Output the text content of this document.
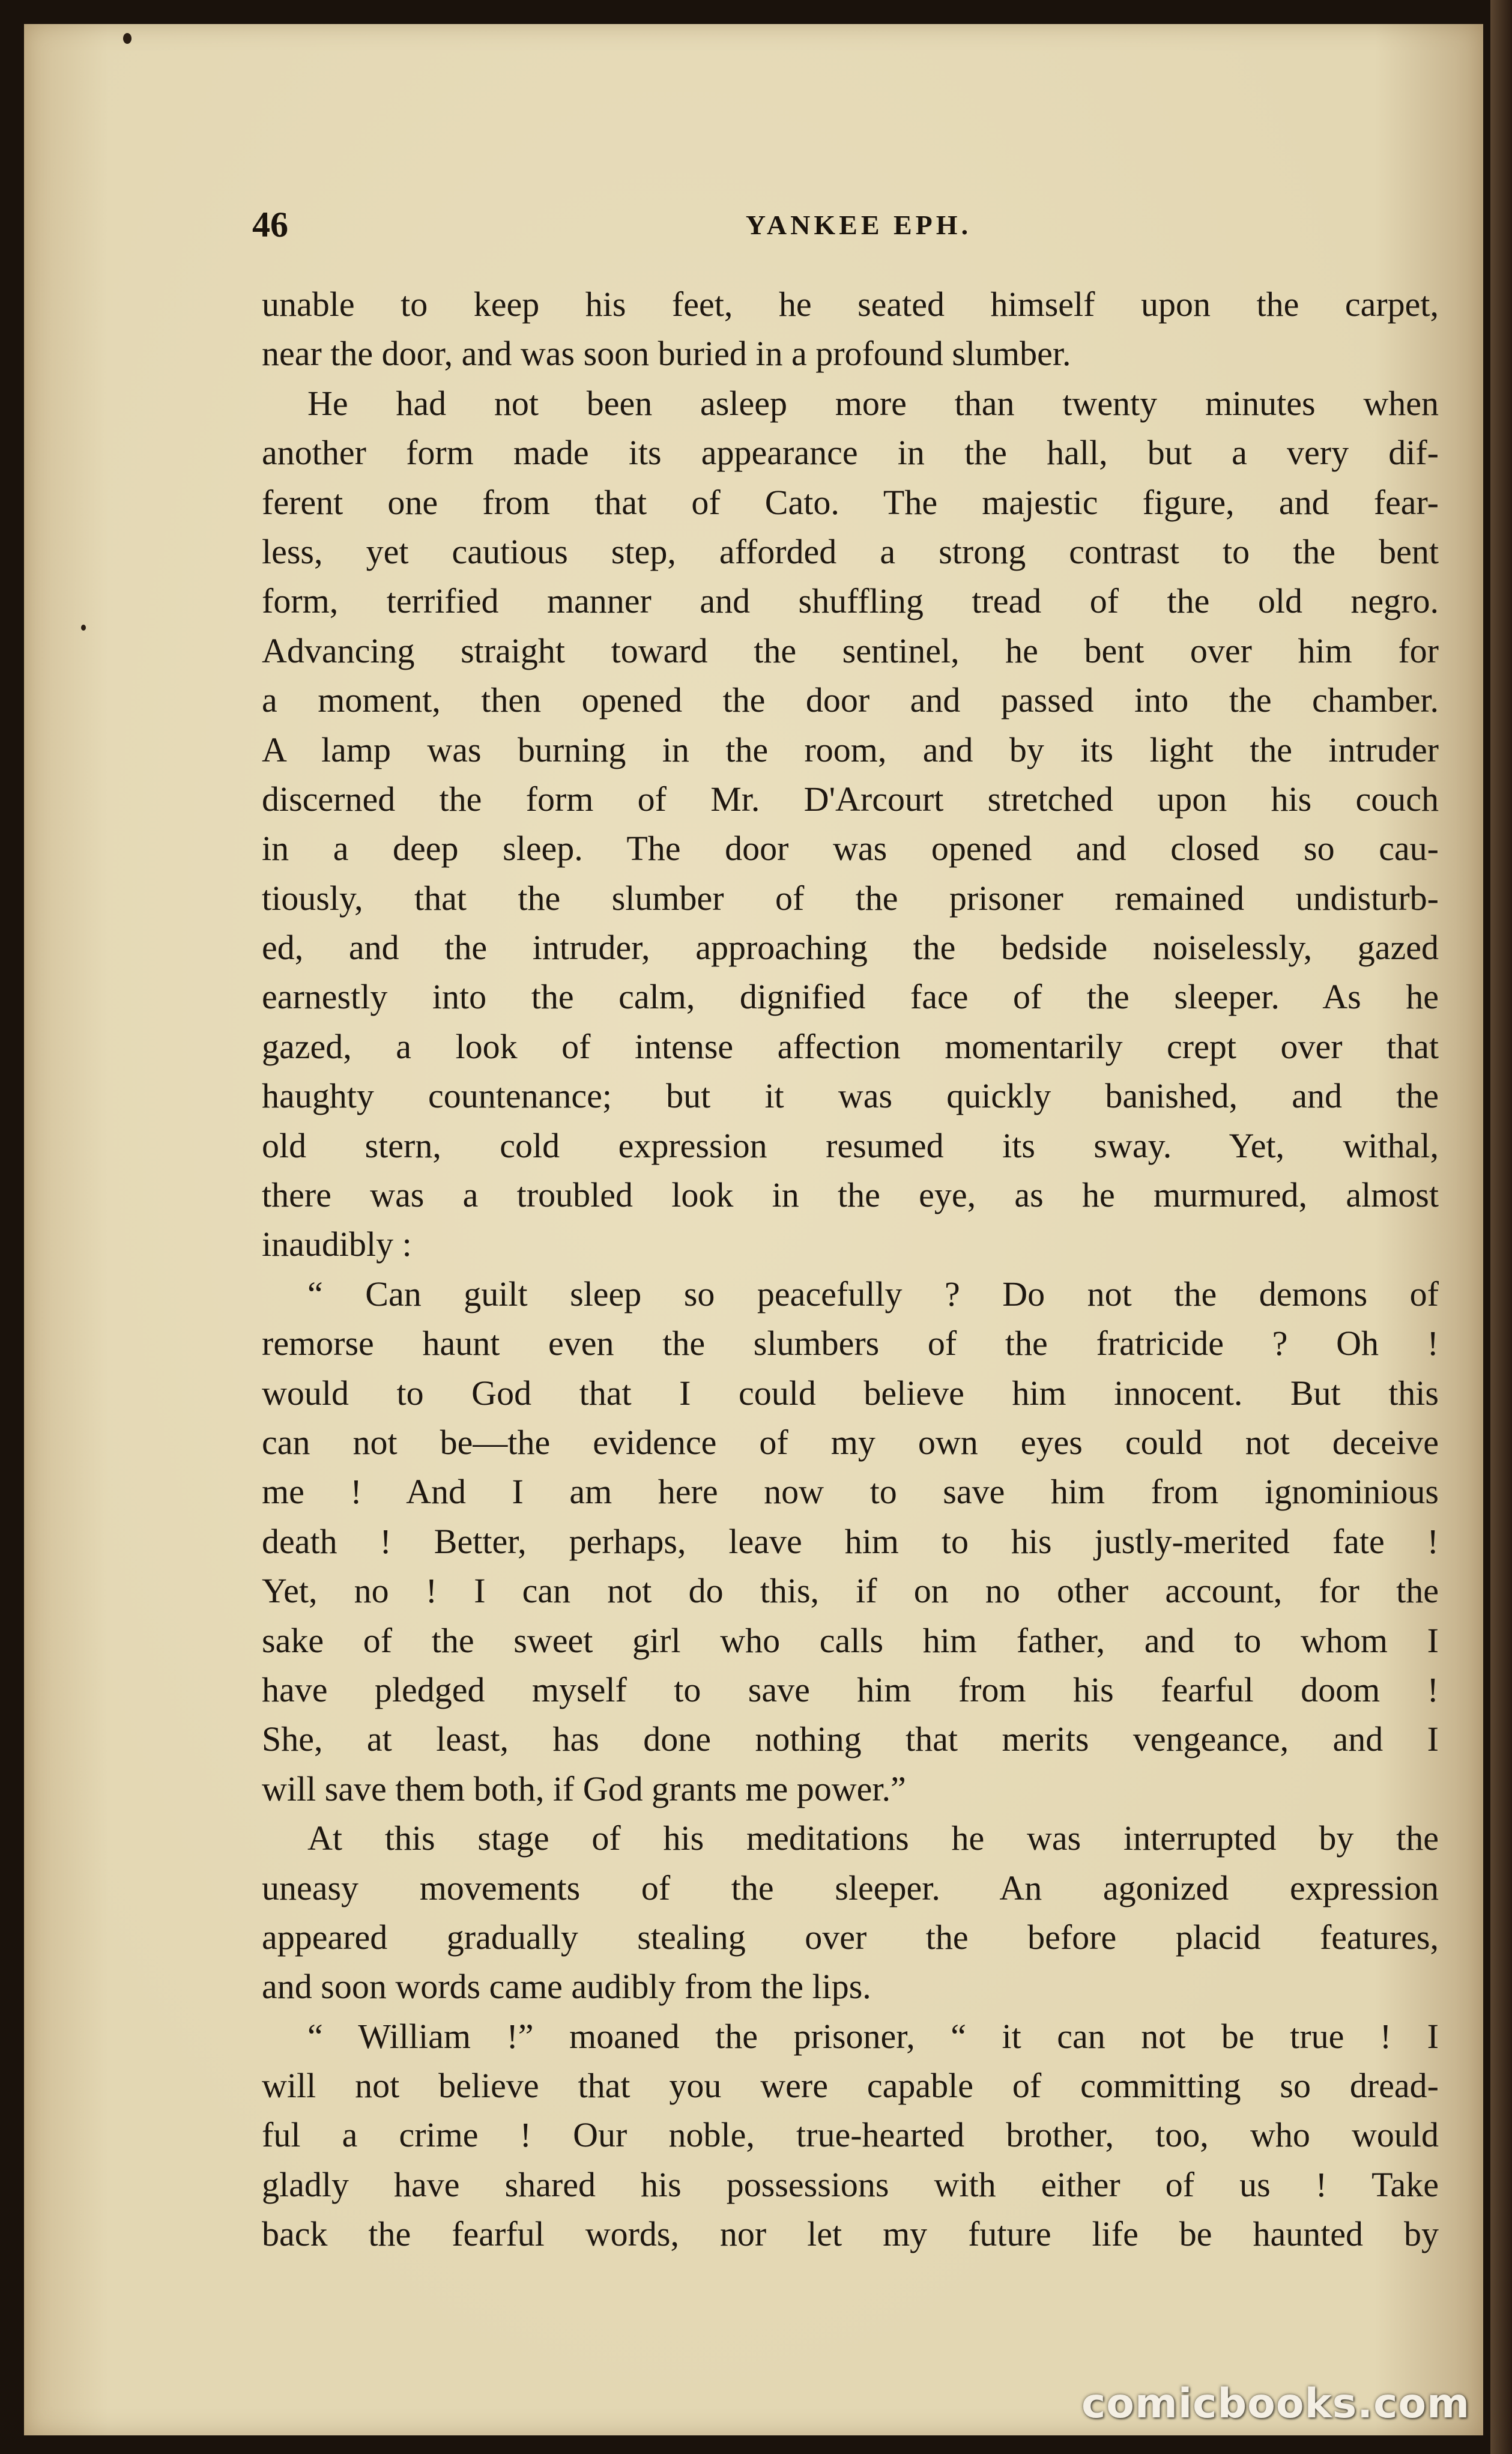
46	YANKEE EPH.
unable to keep his feet, he seated himself upon the carpet,
near the door, and was soon buried in a profound slumber.
He had not been asleep more than twenty minutes when
another form made its appearance in the hall, but a very dif-
ferent one from that of Cato. The majestic figure, and fear-
less, yet cautious step, afforded a strong contrast to the bent
form, terrified manner and shuffling tread of the old negro.
Advancing straight toward the sentinel, he bent over him for
a moment, then opened the door and passed into the chamber.
A lamp was burning in the room, and by its light the intruder
discerned the form of Mr. D'Arcourt stretched upon his couch
in a deep sleep. The door was opened and closed so cau-
tiously, that the slumber of the prisoner remained undisturb-
ed, and the intruder, approaching the bedside noiselessly, gazed
earnestly into the calm, dignified face of the sleeper. As he
gazed, a look of intense affection momentarily crept over that
haughty countenance; but it was quickly banished, and the
old stern, cold expression resumed its sway. Yet, withal,
there was a troubled look in the eye, as he murmured, almost
inaudibly :
“ Can guilt sleep so peacefully ? Do not the demons of
remorse haunt even the slumbers of the fratricide ? Oh !
would to God that I could believe him innocent. But this
can not be—the evidence of my own eyes could not deceive
me ! And I am here now to save him from ignominious
death ! Better, perhaps, leave him to his justly-merited fate !
Yet, no ! I can not do this, if on no other account, for the
sake of the sweet girl who calls him father, and to whom I
have pledged myself to save him from his fearful doom !
She, at least, has done nothing that merits vengeance, and I
will save them both, if God grants me power.”
At this stage of his meditations he was interrupted by the
uneasy movements of the sleeper. An agonized expression
appeared gradually stealing over the before placid features,
and soon words came audibly from the lips.
“ William !” moaned the prisoner, “ it can not be true ! I
will not believe that you were capable of committing so dread-
ful a crime ! Our noble, true-hearted brother, too, who would
gladly have shared his possessions with either of us ! Take
back the fearful words, nor let my future life be haunted by
comicbooks.com
